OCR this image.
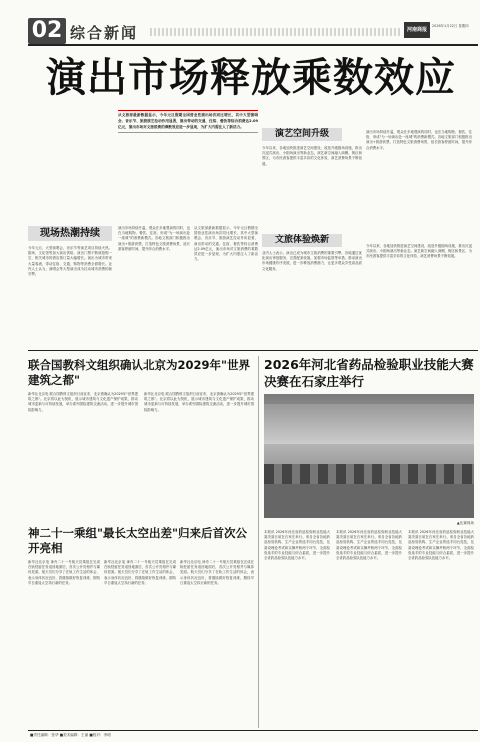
02 综合新闻	河南商报
2026年1月22日 星期四
演出市场释放乘数效应
从文旅部最新数据显示，今年元旦假期全国营业性演出场次同比增长，其中大型演唱会、音乐节、旅游演艺拉动作用显著，演出带动的交通、住宿、餐饮等综合消费达2.09亿元，演出市场对文旅消费的乘数效应进一步显现，为扩大内需注入了新活力。
现场热潮持续
今年元旦，大型演唱会、音乐节等演艺项目持续火热。剧场、文化馆等加大演出供给，演出门票不断被抢购一空，相关城市的酒店预订量大幅增长。演出为城市带来大量客流，带动住宿、交通、购物等消费全面增长。业内人士认为，演唱会等大型演出成为拉动城市消费的新引擎。
演出市场持续升温，观众在多地观演的同时，也在当地购物、餐饮、住宿，形成"为一场演出赴一座城"的消费新模式。各地文旅部门积极推出演出+旅游套票，打造特色文旅消费场景，延长游客停留时间，提升综合消费水平。
从文旅部最新数据显示，今年元旦假期全国营业性演出场次同比增长，其中大型演唱会、音乐节、旅游演艺拉动作用显著，演出带动的交通、住宿、餐饮等综合消费达2.09亿元，演出市场对文旅消费的乘数效应进一步显现，为扩大内需注入了新活力。
演艺空间升级
今年以来，各地加快推进演艺空间建设，改造升级剧场设施，推出沉浸式演出、小剧场演出等新业态。演艺新空间融入商圈、街区和景区，为市民游客提供丰富多彩的文化体验，演艺消费场景不断拓展。
演出市场持续升温，观众在多地观演的同时，也在当地购物、餐饮、住宿，形成"为一场演出赴一座城"的消费新模式。各地文旅部门积极推出演出+旅游套票，打造特色文旅消费场景，延长游客停留时间，提升综合消费水平。
文旅体验焕新
业内人士表示，演出已成为城市文旅消费的重要引擎。各地通过优化演出审批服务、完善配套设施、加强市场监管等举措，推动演出市场健康有序发展，进一步释放消费潜力，让更多观众享受高品质文化服务。
今年以来，各地加快推进演艺空间建设，改造升级剧场设施，推出沉浸式演出、小剧场演出等新业态。演艺新空间融入商圈、街区和景区，为市民游客提供丰富多彩的文化体验，演艺消费场景不断拓展。
联合国教科文组织确认北京为2029年"世界建筑之都"
新华社北京电 联合国教科文组织日前宣布，北京被确认为2029年"世界建筑之都"。北京将以此为契机，展示城市建筑与文化遗产保护成果，推动城市更新与可持续发展，举办系列国际建筑交流活动，进一步提升城市国际影响力。
新华社北京电 联合国教科文组织日前宣布，北京被确认为2029年"世界建筑之都"。北京将以此为契机，展示城市建筑与文化遗产保护成果，推动城市更新与可持续发展，举办系列国际建筑交流活动，进一步提升城市国际影响力。
神二十一乘组"最长太空出差"归来后首次公开亮相
新华社北京电 神舟二十一号航天员乘组在完成在轨驻留任务返回地面后，首次公开亮相并与媒体见面。航天员们分享了在轨工作生活的体会，表示身体状况良好，将继续做好恢复训练，期待早日重返太空执行新的任务。
新华社北京电 神舟二十一号航天员乘组在完成在轨驻留任务返回地面后，首次公开亮相并与媒体见面。航天员们分享了在轨工作生活的体会，表示身体状况良好，将继续做好恢复训练，期待早日重返太空执行新的任务。
新华社北京电 神舟二十一号航天员乘组在完成在轨驻留任务返回地面后，首次公开亮相并与媒体见面。航天员们分享了在轨工作生活的体会，表示身体状况良好，将继续做好恢复训练，期待早日重返太空执行新的任务。
2026年河北省药品检验职业技能大赛决赛在石家庄举行
▲比赛现场
本报讯 2026年河北省药品检验职业技能大赛决赛日前在石家庄举行。来自全省各地药品检验机构、生产企业的选手同台竞技，比赛设理论考试和实操考核两个环节，全面检验选手的专业技能与综合素质，进一步提升全省药品检验队伍能力水平。
本报讯 2026年河北省药品检验职业技能大赛决赛日前在石家庄举行。来自全省各地药品检验机构、生产企业的选手同台竞技，比赛设理论考试和实操考核两个环节，全面检验选手的专业技能与综合素质，进一步提升全省药品检验队伍能力水平。
本报讯 2026年河北省药品检验职业技能大赛决赛日前在石家庄举行。来自全省各地药品检验机构、生产企业的选手同台竞技，比赛设理论考试和实操考核两个环节，全面检验选手的专业技能与综合素质，进一步提升全省药品检验队伍能力水平。
■责任编辑：张华 ■美术编辑：王丽 ■校对：李明
